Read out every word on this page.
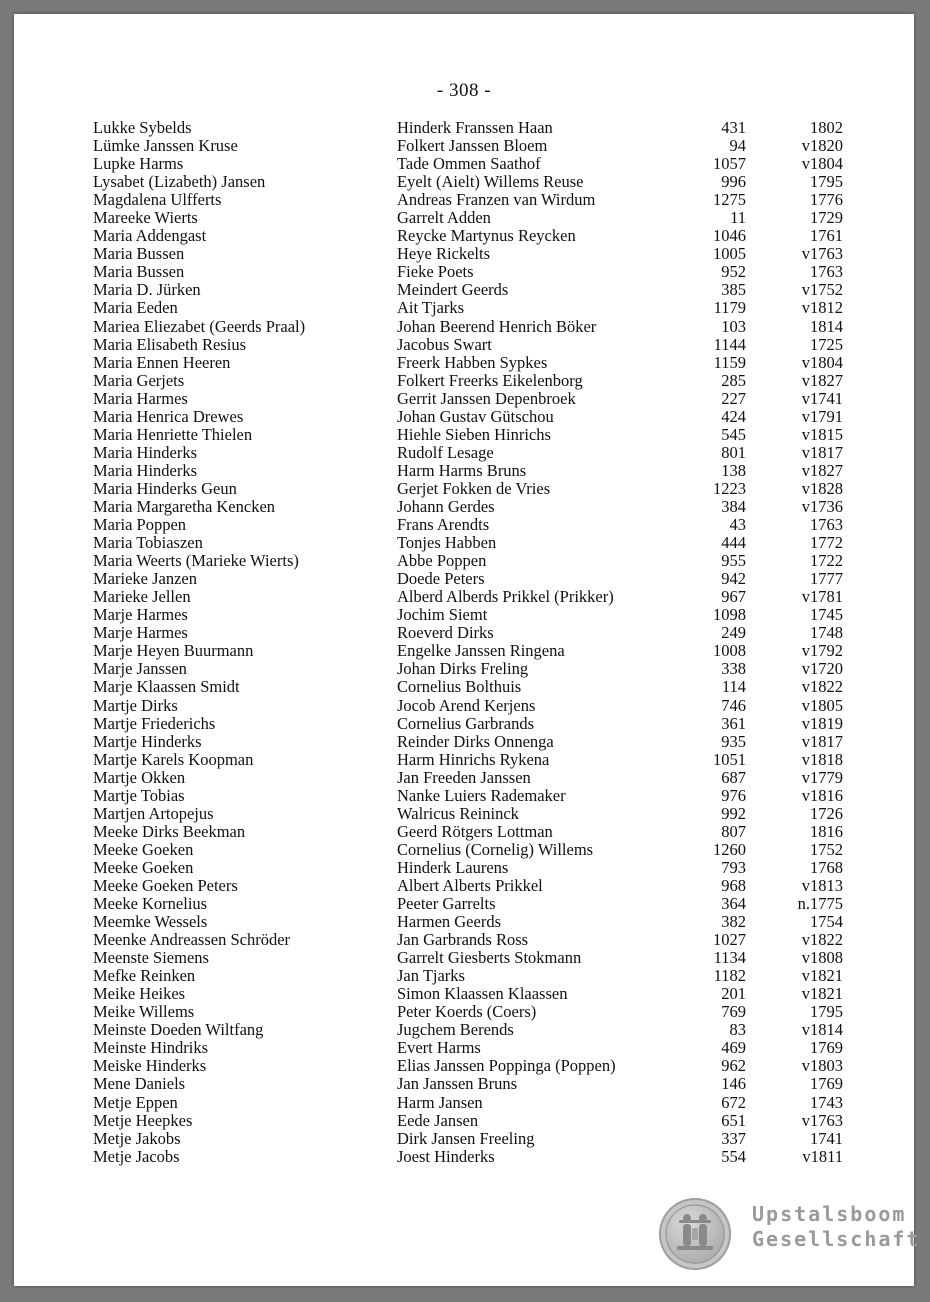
- 308 -
Lukke Sybelds	Hinderk Franssen Haan	431	1802
Lümke Janssen Kruse	Folkert Janssen Bloem	94	v1820
Lupke Harms	Tade Ommen Saathof	1057	v1804
Lysabet (Lizabeth) Jansen	Eyelt (Aielt) Willems Reuse	996	1795
Magdalena Ulfferts	Andreas Franzen van Wirdum	1275	1776
Mareeke Wierts	Garrelt Adden	11	1729
Maria Addengast	Reycke Martynus Reycken	1046	1761
Maria Bussen	Heye Rickelts	1005	v1763
Maria Bussen	Fieke Poets	952	1763
Maria D. Jürken	Meindert Geerds	385	v1752
Maria Eeden	Ait Tjarks	1179	v1812
Mariea Eliezabet (Geerds Praal)	Johan Beerend Henrich Böker	103	1814
Maria Elisabeth Resius	Jacobus Swart	1144	1725
Maria Ennen Heeren	Freerk Habben Sypkes	1159	v1804
Maria Gerjets	Folkert Freerks Eikelenborg	285	v1827
Maria Harmes	Gerrit Janssen Depenbroek	227	v1741
Maria Henrica Drewes	Johan Gustav Gütschou	424	v1791
Maria Henriette Thielen	Hiehle Sieben Hinrichs	545	v1815
Maria Hinderks	Rudolf Lesage	801	v1817
Maria Hinderks	Harm Harms Bruns	138	v1827
Maria Hinderks Geun	Gerjet Fokken de Vries	1223	v1828
Maria Margaretha Kencken	Johann Gerdes	384	v1736
Maria Poppen	Frans Arendts	43	1763
Maria Tobiaszen	Tonjes Habben	444	1772
Maria Weerts (Marieke Wierts)	Abbe Poppen	955	1722
Marieke Janzen	Doede Peters	942	1777
Marieke Jellen	Alberd Alberds Prikkel (Prikker)	967	v1781
Marje Harmes	Jochim Siemt	1098	1745
Marje Harmes	Roeverd Dirks	249	1748
Marje Heyen Buurmann	Engelke Janssen Ringena	1008	v1792
Marje Janssen	Johan Dirks Freling	338	v1720
Marje Klaassen Smidt	Cornelius Bolthuis	114	v1822
Martje Dirks	Jocob Arend Kerjens	746	v1805
Martje Friederichs	Cornelius Garbrands	361	v1819
Martje Hinderks	Reinder Dirks Onnenga	935	v1817
Martje Karels Koopman	Harm Hinrichs Rykena	1051	v1818
Martje Okken	Jan Freeden Janssen	687	v1779
Martje Tobias	Nanke Luiers Rademaker	976	v1816
Martjen Artopejus	Walricus Reininck	992	1726
Meeke Dirks Beekman	Geerd Rötgers Lottman	807	1816
Meeke Goeken	Cornelius (Cornelig) Willems	1260	1752
Meeke Goeken	Hinderk Laurens	793	1768
Meeke Goeken Peters	Albert Alberts Prikkel	968	v1813
Meeke Kornelius	Peeter Garrelts	364	n.1775
Meemke Wessels	Harmen Geerds	382	1754
Meenke Andreassen Schröder	Jan Garbrands Ross	1027	v1822
Meenste Siemens	Garrelt Giesberts Stokmann	1134	v1808
Mefke Reinken	Jan Tjarks	1182	v1821
Meike Heikes	Simon Klaassen Klaassen	201	v1821
Meike Willems	Peter Koerds (Coers)	769	1795
Meinste Doeden Wiltfang	Jugchem Berends	83	v1814
Meinste Hindriks	Evert Harms	469	1769
Meiske Hinderks	Elias Janssen Poppinga (Poppen)	962	v1803
Mene Daniels	Jan Janssen Bruns	146	1769
Metje Eppen	Harm Jansen	672	1743
Metje Heepkes	Eede Jansen	651	v1763
Metje Jakobs	Dirk Jansen Freeling	337	1741
Metje Jacobs	Joest Hinderks	554	v1811
Upstalsboom
Gesellschaft
